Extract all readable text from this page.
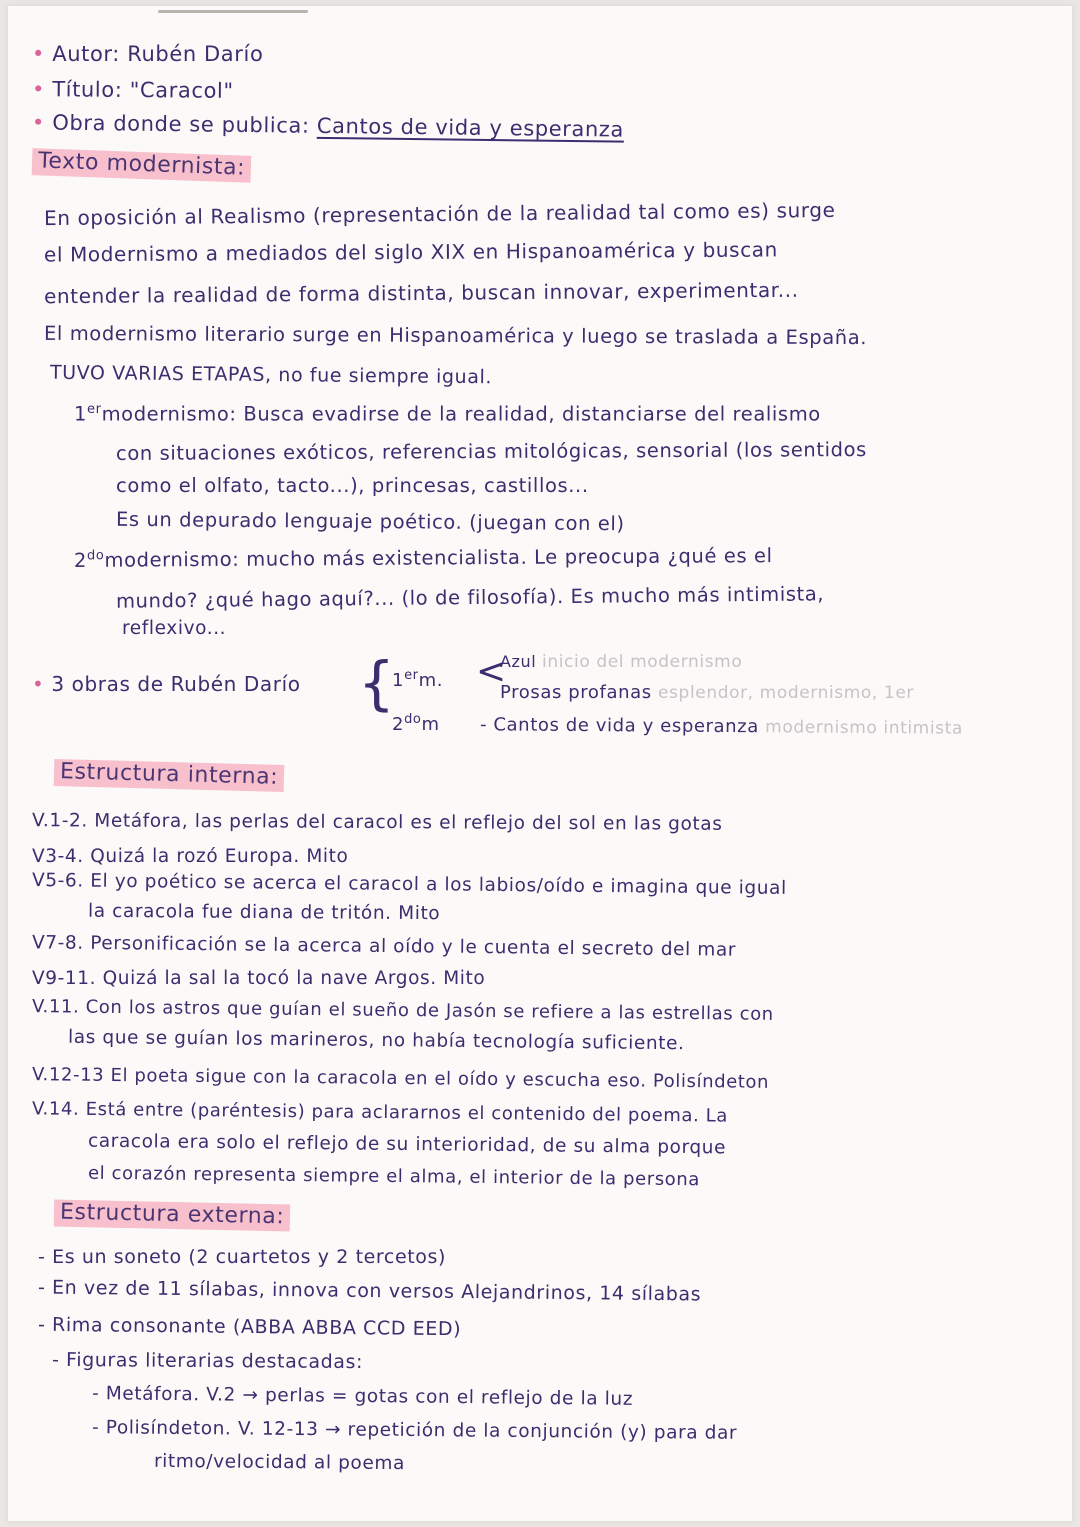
• Autor: Rubén Darío
• Título: "Caracol"
• Obra donde se publica: Cantos de vida y esperanza
Texto modernista:
En oposición al Realismo (representación de la realidad tal como es) surge
el Modernismo a mediados del siglo XIX en Hispanoamérica y buscan
entender la realidad de forma distinta, buscan innovar, experimentar...
El modernismo literario surge en Hispanoamérica y luego se traslada a España.
TUVO VARIAS ETAPAS, no fue siempre igual.
1ermodernismo: Busca evadirse de la realidad, distanciarse del realismo
con situaciones exóticos, referencias mitológicas, sensorial (los sentidos
como el olfato, tacto...), princesas, castillos...
Es un depurado lenguaje poético. (juegan con el)
$2^{do}modernismo$: mucho más existencialista. Le preocupa ¿qué es el
mundo? ¿qué hago aquí?... (lo de filosofía). Es mucho más intimista,
reflexivo...
• 3 obras de Rubén Darío {
1erm. <
Azul inicio del modernismo
Prosas profanas esplendor, modernismo, 1er
$2^{do}m$ - Cantos de vida y esperanza modernismo intimista
Estructura interna:
V.1-2. Metáfora, las perlas del caracol es el reflejo del sol en las gotas
V3-4. Quizá la rozó Europa. Mito
V5-6. El yo poético se acerca el caracol a los labios/oído e imagina que igual
la caracola fue diana de tritón. Mito
V7-8. Personificación se la acerca al oído y le cuenta el secreto del mar
V9-11. Quizá la sal la tocó la nave Argos. Mito
V.11. Con los astros que guían el sueño de Jasón se refiere a las estrellas con
las que se guían los marineros, no había tecnología suficiente.
V.12-13 El poeta sigue con la caracola en el oído y escucha eso. Polisíndeton
V.14. Está entre (paréntesis) para aclararnos el contenido del poema. La
caracola era solo el reflejo de su interioridad, de su alma porque
el corazón representa siempre el alma, el interior de la persona
Estructura externa:
- Es un soneto (2 cuartetos y 2 tercetos)
- En vez de 11 sílabas, innova con versos Alejandrinos, 14 sílabas
- Rima consonante (ABBA ABBA CCD EED)
- Figuras literarias destacadas:
- Metáfora. V.2 → perlas = gotas con el reflejo de la luz
- Polisíndeton. V. 12-13 → repetición de la conjunción (y) para dar
ritmo/velocidad al poema
